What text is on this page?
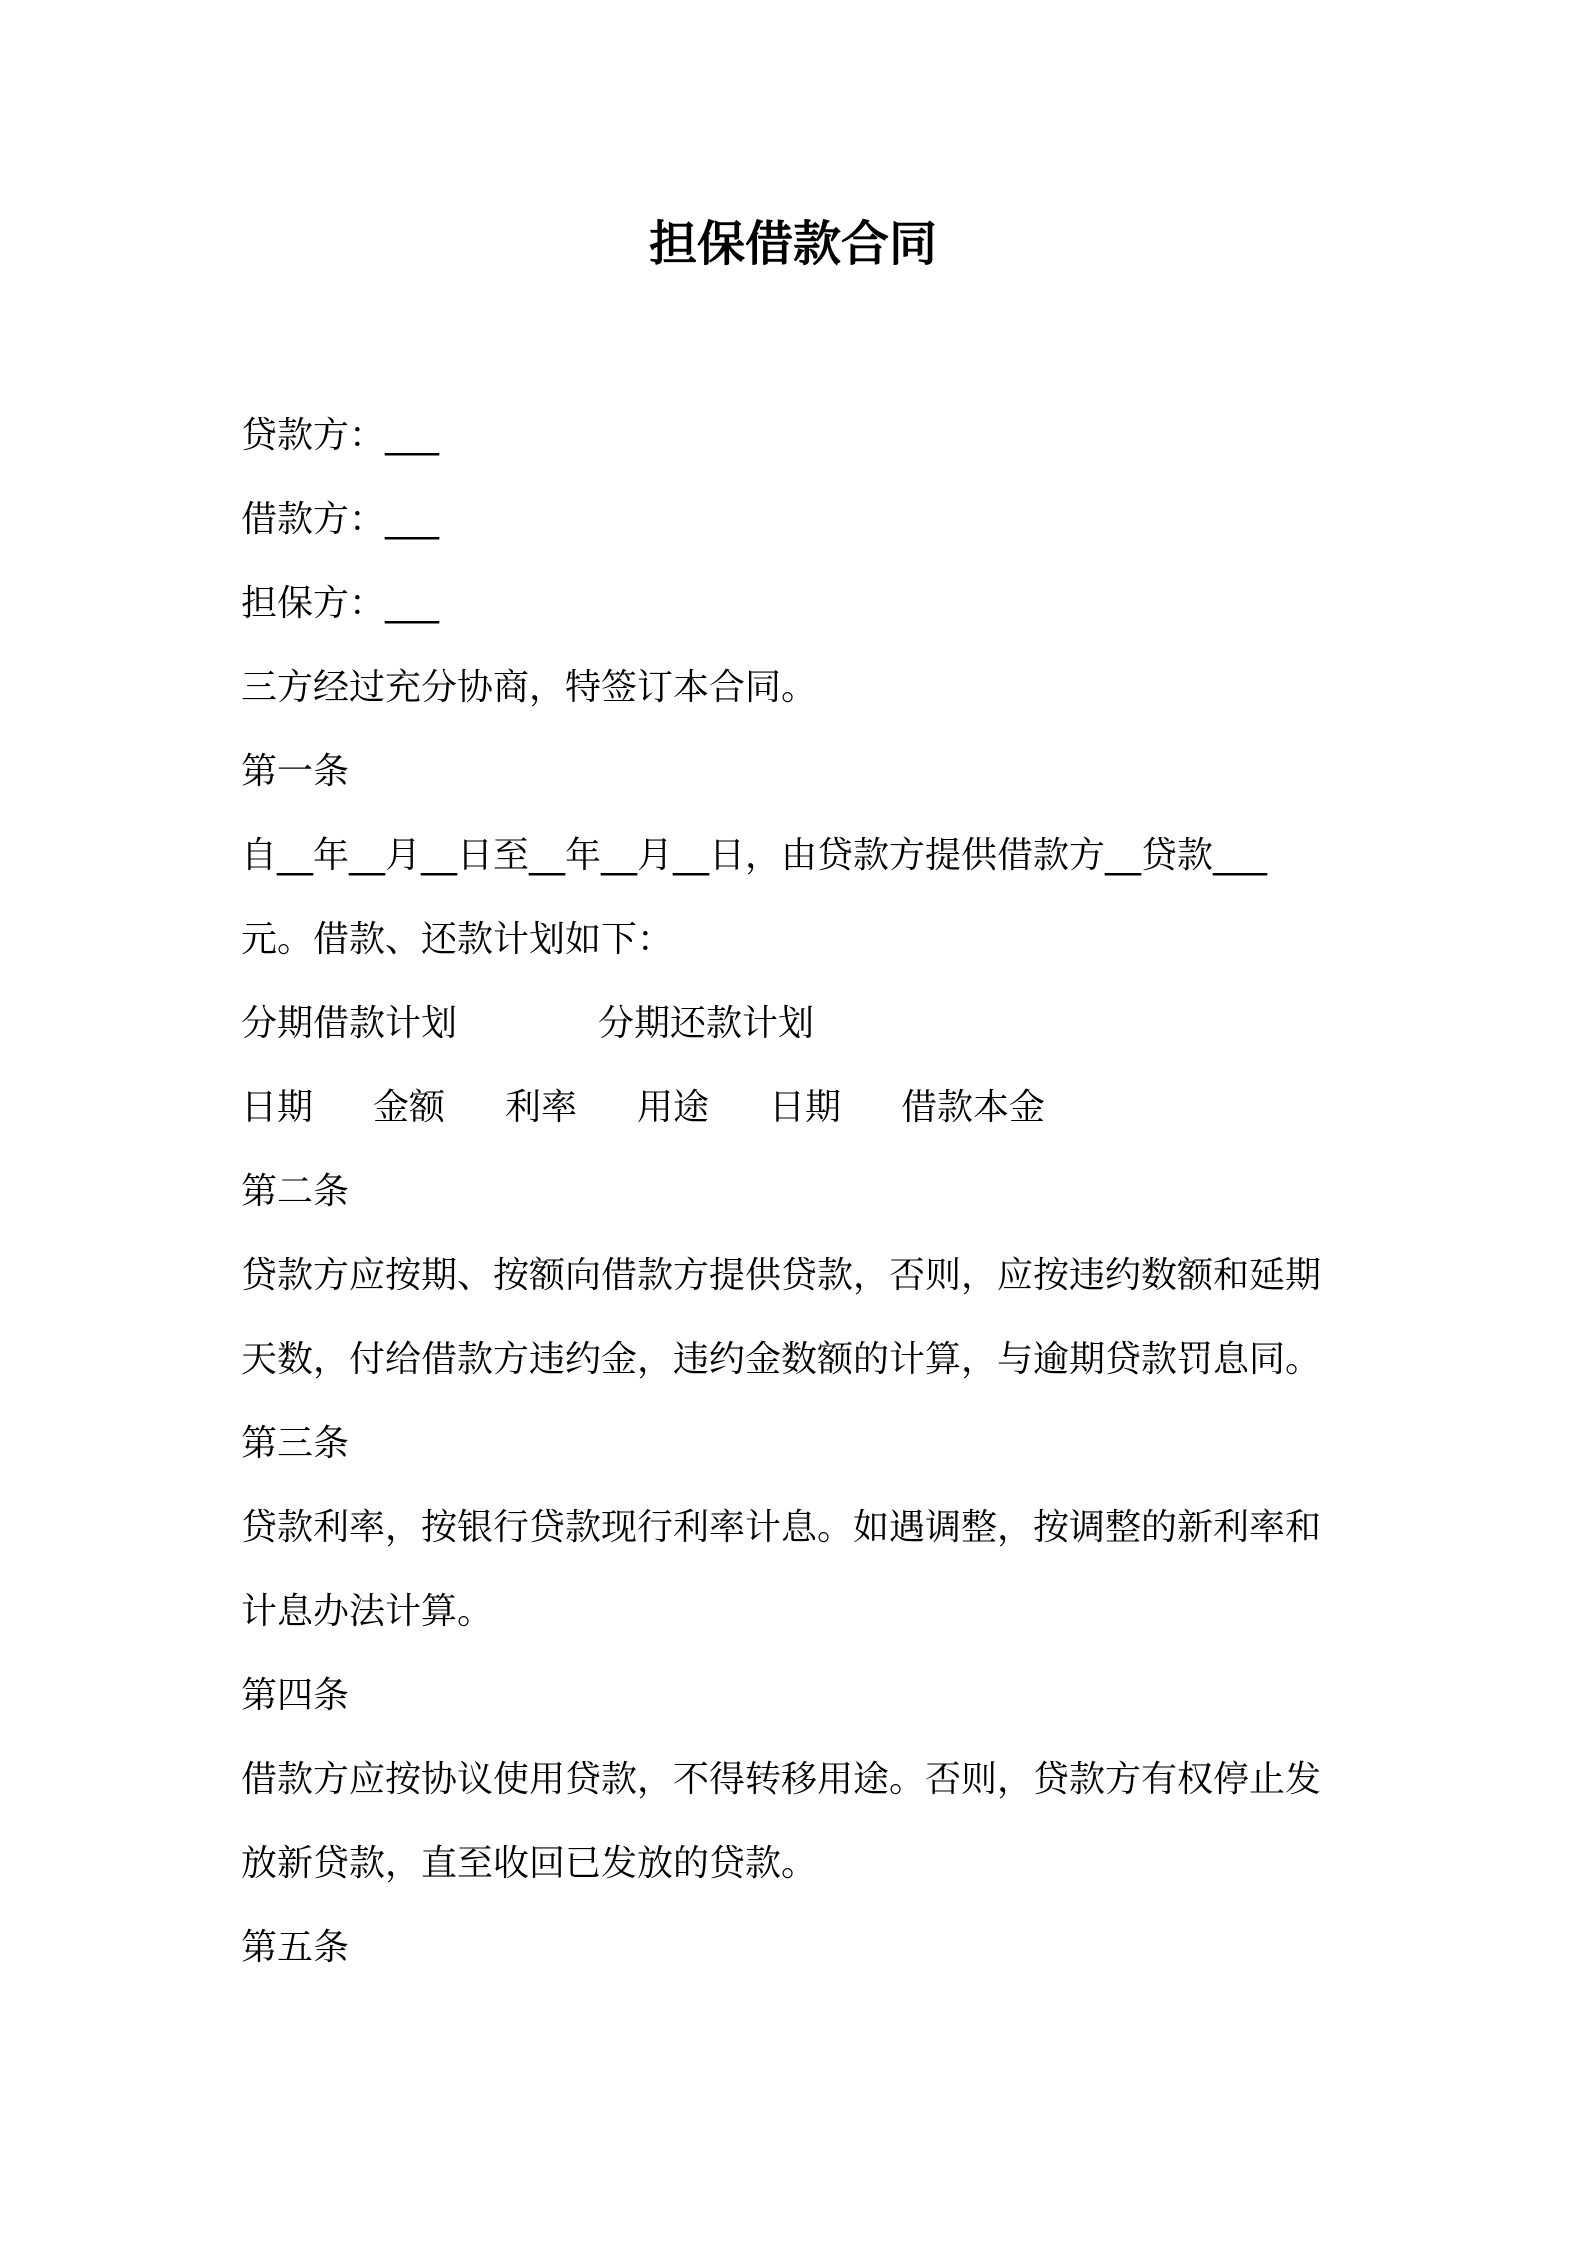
担保借款合同
贷款方：___
借款方：___
担保方：___
三方经过充分协商，特签订本合同。
第一条
自__年__月__日至__年__月__日，由贷款方提供借款方__贷款___
元。借款、还款计划如下：
分期借款计划	分期还款计划
日期	金额	利率	用途	日期	借款本金
第二条
贷款方应按期、按额向借款方提供贷款，否则，应按违约数额和延期
天数，付给借款方违约金，违约金数额的计算，与逾期贷款罚息同。
第三条
贷款利率，按银行贷款现行利率计息。如遇调整，按调整的新利率和
计息办法计算。
第四条
借款方应按协议使用贷款，不得转移用途。否则，贷款方有权停止发
放新贷款，直至收回已发放的贷款。
第五条
